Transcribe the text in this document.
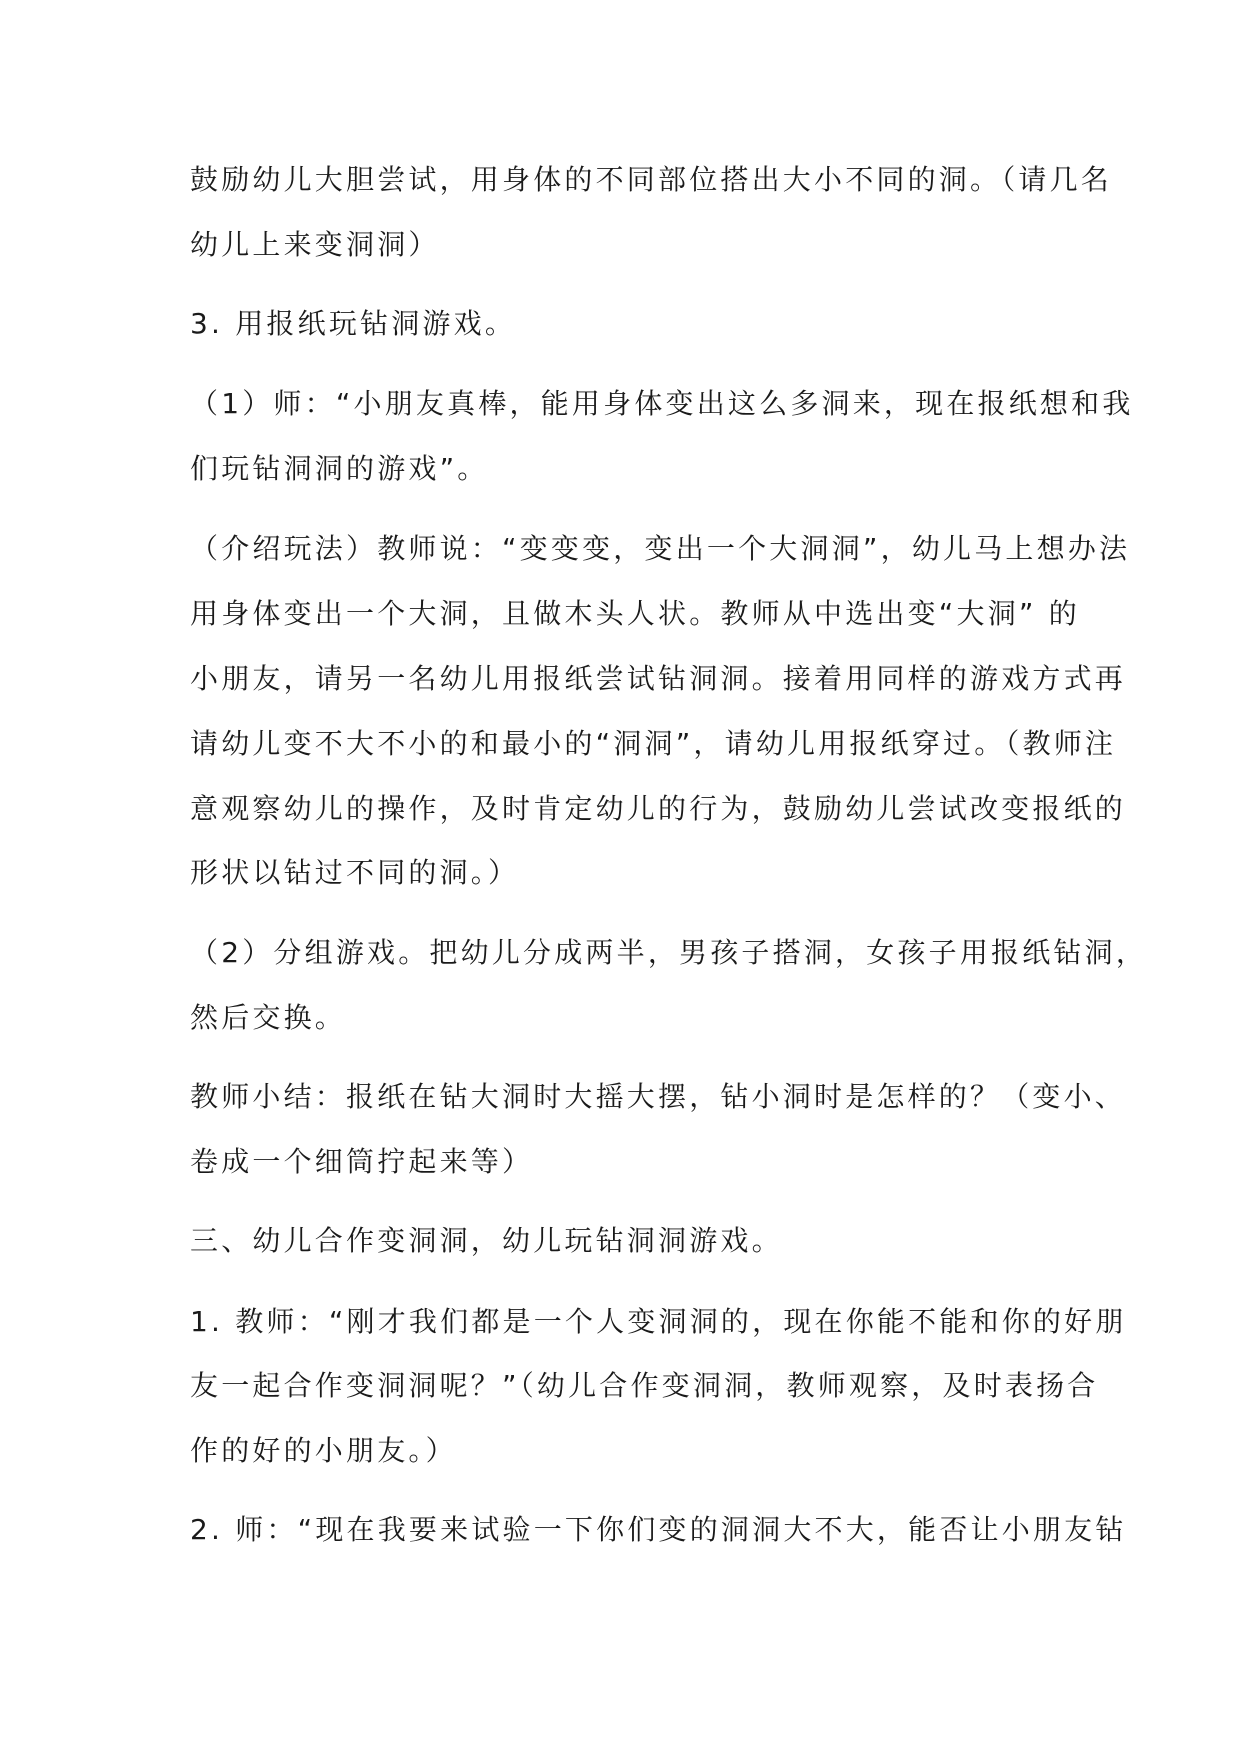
鼓励幼儿大胆尝试，用身体的不同部位搭出大小不同的洞。（请几名
幼儿上来变洞洞）
3. 用报纸玩钻洞游戏。
（1）师：“小朋友真棒，能用身体变出这么多洞来，现在报纸想和我
们玩钻洞洞的游戏”。
（介绍玩法）教师说：“变变变，变出一个大洞洞”，幼儿马上想办法
用身体变出一个大洞，且做木头人状。教师从中选出变“大洞” 的
小朋友，请另一名幼儿用报纸尝试钻洞洞。接着用同样的游戏方式再
请幼儿变不大不小的和最小的“洞洞”，请幼儿用报纸穿过。（教师注
意观察幼儿的操作，及时肯定幼儿的行为，鼓励幼儿尝试改变报纸的
形状以钻过不同的洞。）
（2）分组游戏。把幼儿分成两半，男孩子搭洞，女孩子用报纸钻洞，
然后交换。
教师小结：报纸在钻大洞时大摇大摆，钻小洞时是怎样的？（变小、
卷成一个细筒拧起来等）
三、幼儿合作变洞洞，幼儿玩钻洞洞游戏。
1. 教师：“刚才我们都是一个人变洞洞的，现在你能不能和你的好朋
友一起合作变洞洞呢？”（幼儿合作变洞洞，教师观察，及时表扬合
作的好的小朋友。）
2. 师：“现在我要来试验一下你们变的洞洞大不大，能否让小朋友钻
